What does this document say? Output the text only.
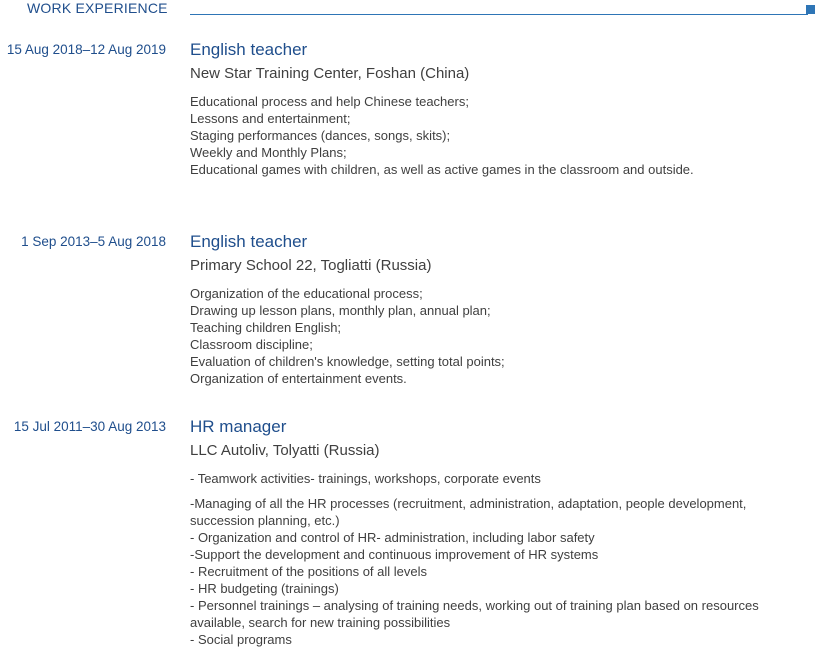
WORK EXPERIENCE
15 Aug 2018–12 Aug 2019 English teacher
New Star Training Center, Foshan (China)
Educational process and help Chinese teachers;
Lessons and entertainment;
Staging performances (dances, songs, skits);
Weekly and Monthly Plans;
Educational games with children, as well as active games in the classroom and outside.
1 Sep 2013–5 Aug 2018 English teacher
Primary School 22, Togliatti (Russia)
Organization of the educational process;
Drawing up lesson plans, monthly plan, annual plan;
Teaching children English;
Classroom discipline;
Evaluation of children's knowledge, setting total points;
Organization of entertainment events.
15 Jul 2011–30 Aug 2013 HR manager
LLC Autoliv, Tolyatti (Russia)
- Teamwork activities- trainings, workshops, corporate events
-Managing of all the HR processes (recruitment, administration, adaptation, people development, succession planning, etc.)
- Organization and control of HR- administration, including labor safety
-Support the development and continuous improvement of HR systems
- Recruitment of the positions of all levels
- HR budgeting (trainings)
- Personnel trainings – analysing of training needs, working out of training plan based on resources available, search for new training possibilities
- Social programs
